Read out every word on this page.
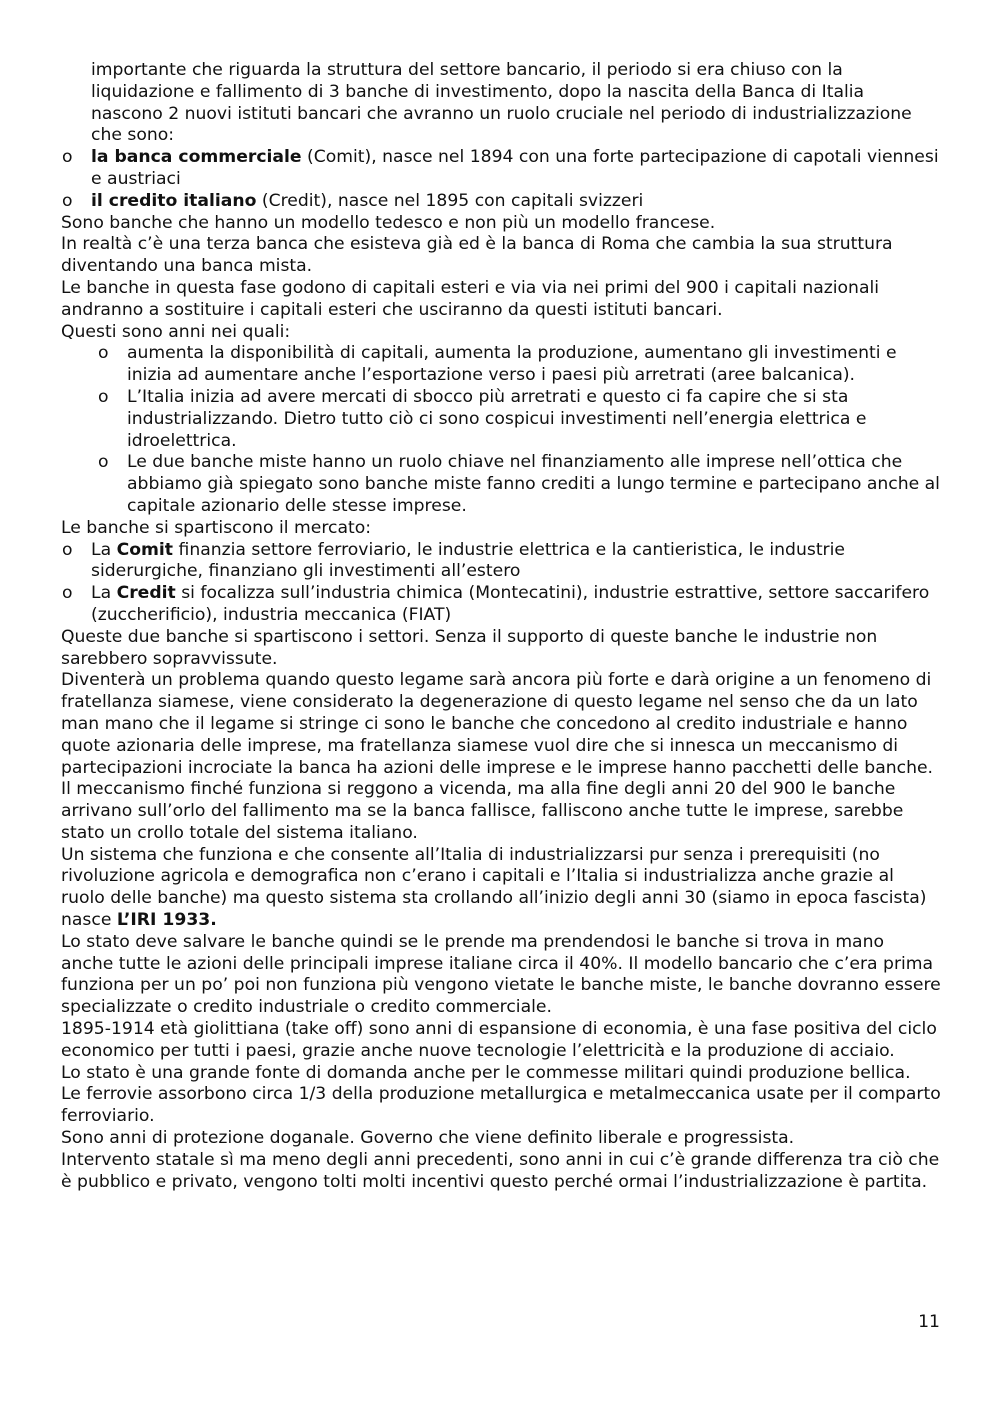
importante che riguarda la struttura del settore bancario, il periodo si era chiuso con la liquidazione e fallimento di 3 banche di investimento, dopo la nascita della Banca di Italia nascono 2 nuovi istituti bancari che avranno un ruolo cruciale nel periodo di industrializzazione che sono:

o la banca commerciale (Comit), nasce nel 1894 con una forte partecipazione di capotali viennesi e austriaci

o il credito italiano (Credit), nasce nel 1895 con capitali svizzeri

Sono banche che hanno un modello tedesco e non più un modello francese.

In realtà c’è una terza banca che esisteva già ed è la banca di Roma che cambia la sua struttura diventando una banca mista.

Le banche in questa fase godono di capitali esteri e via via nei primi del 900 i capitali nazionali andranno a sostituire i capitali esteri che usciranno da questi istituti bancari.

Questi sono anni nei quali:

o aumenta la disponibilità di capitali, aumenta la produzione, aumentano gli investimenti e inizia ad aumentare anche l’esportazione verso i paesi più arretrati (aree balcanica).

o L’Italia inizia ad avere mercati di sbocco più arretrati e questo ci fa capire che si sta industrializzando. Dietro tutto ciò ci sono cospicui investimenti nell’energia elettrica e idroelettrica.

o Le due banche miste hanno un ruolo chiave nel finanziamento alle imprese nell’ottica che abbiamo già spiegato sono banche miste fanno crediti a lungo termine e partecipano anche al capitale azionario delle stesse imprese.

Le banche si spartiscono il mercato:

o La Comit finanzia settore ferroviario, le industrie elettrica e la cantieristica, le industrie siderurgiche, finanziano gli investimenti all’estero

o La Credit si focalizza sull’industria chimica (Montecatini), industrie estrattive, settore saccarifero (zuccherificio), industria meccanica (FIAT)

Queste due banche si spartiscono i settori. Senza il supporto di queste banche le industrie non sarebbero sopravvissute.

Diventerà un problema quando questo legame sarà ancora più forte e darà origine a un fenomeno di fratellanza siamese, viene considerato la degenerazione di questo legame nel senso che da un lato man mano che il legame si stringe ci sono le banche che concedono al credito industriale e hanno quote azionaria delle imprese, ma fratellanza siamese vuol dire che si innesca un meccanismo di partecipazioni incrociate la banca ha azioni delle imprese e le imprese hanno pacchetti delle banche.

Il meccanismo finché funziona si reggono a vicenda, ma alla fine degli anni 20 del 900 le banche arrivano sull’orlo del fallimento ma se la banca fallisce, falliscono anche tutte le imprese, sarebbe stato un crollo totale del sistema italiano.

Un sistema che funziona e che consente all’Italia di industrializzarsi pur senza i prerequisiti (no rivoluzione agricola e demografica non c’erano i capitali e l’Italia si industrializza anche grazie al ruolo delle banche) ma questo sistema sta crollando all’inizio degli anni 30 (siamo in epoca fascista) nasce L’IRI 1933.

Lo stato deve salvare le banche quindi se le prende ma prendendosi le banche si trova in mano anche tutte le azioni delle principali imprese italiane circa il 40%. Il modello bancario che c’era prima funziona per un po’ poi non funziona più vengono vietate le banche miste, le banche dovranno essere specializzate o credito industriale o credito commerciale.

1895-1914 età giolittiana (take off) sono anni di espansione di economia, è una fase positiva del ciclo economico per tutti i paesi, grazie anche nuove tecnologie l’elettricità e la produzione di acciaio.

Lo stato è una grande fonte di domanda anche per le commesse militari quindi produzione bellica.

Le ferrovie assorbono circa 1/3 della produzione metallurgica e metalmeccanica usate per il comparto ferroviario.

Sono anni di protezione doganale. Governo che viene definito liberale e progressista.

Intervento statale sì ma meno degli anni precedenti, sono anni in cui c’è grande differenza tra ciò che è pubblico e privato, vengono tolti molti incentivi questo perché ormai l’industrializzazione è partita.

11
